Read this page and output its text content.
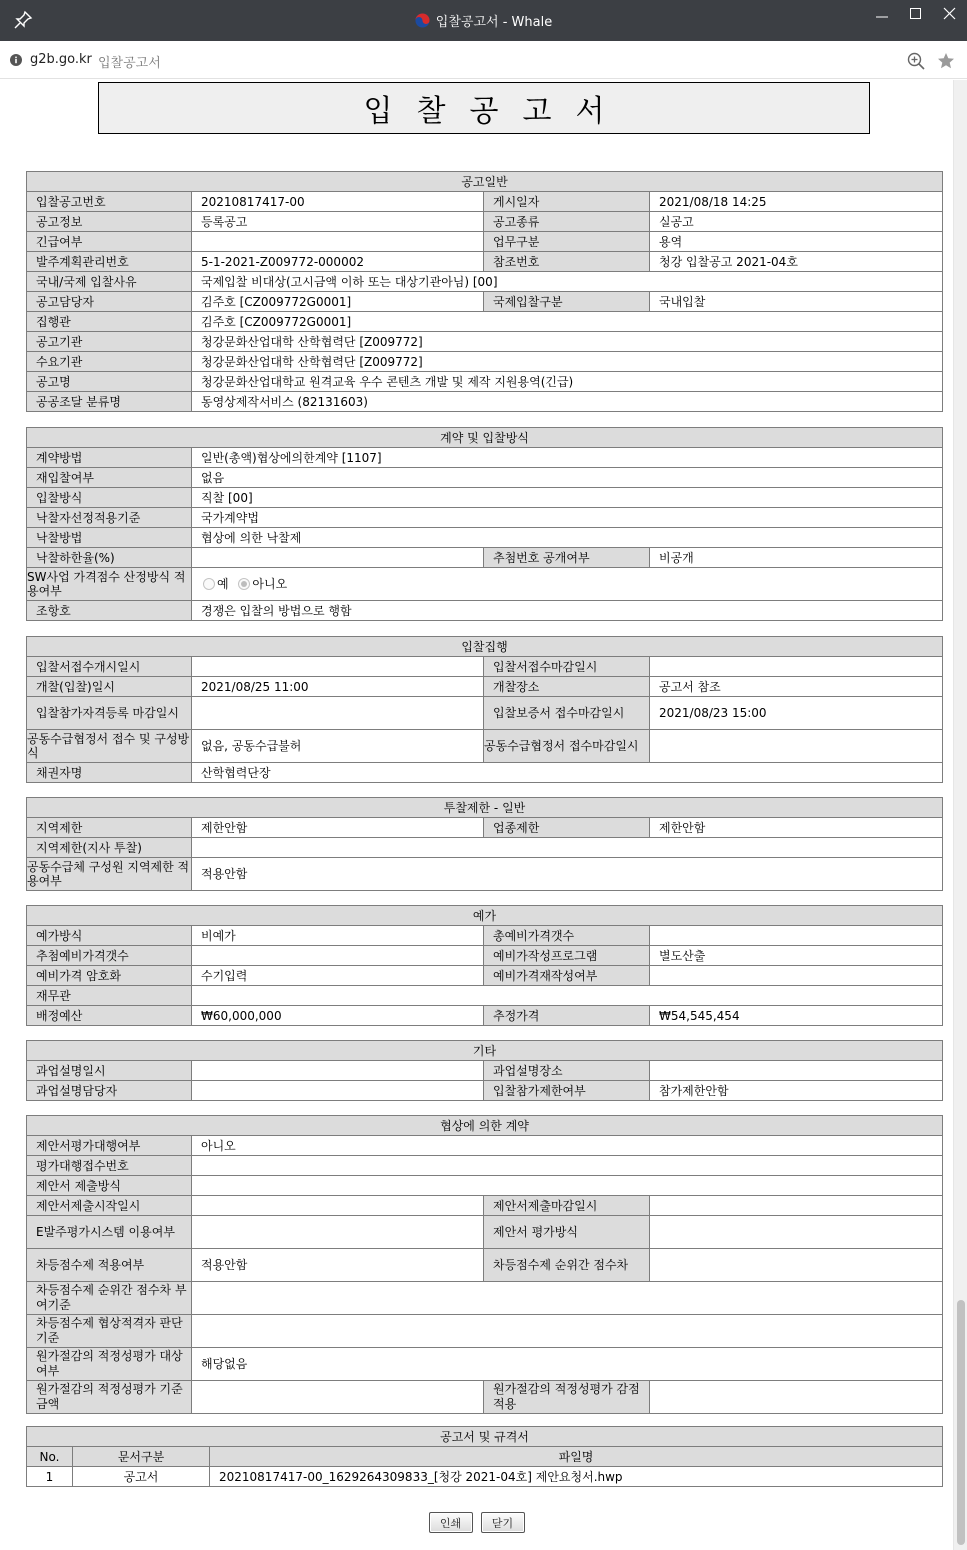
입찰공고서 - Whale
g2b.go.kr 입찰공고서
입찰공고서
공고일반			
입찰공고번호	20210817417-00	게시일자	2021/08/18 14:25
공고정보	등록공고	공고종류	실공고
긴급여부		업무구분	용역
발주계획관리번호	5-1-2021-Z009772-000002	참조번호	청강 입찰공고 2021-04호
국내/국제 입찰사유	국제입찰 비대상(고시금액 이하 또는 대상기관아님) [00]		
공고담당자	김주호 [CZ009772G0001]	국제입찰구분	국내입찰
집행관	김주호 [CZ009772G0001]		
공고기관	청강문화산업대학 산학협력단 [Z009772]		
수요기관	청강문화산업대학 산학협력단 [Z009772]		
공고명	청강문화산업대학교 원격교육 우수 콘텐츠 개발 및 제작 지원용역(긴급)		
공공조달 분류명	동영상제작서비스 (82131603)		
계약 및 입찰방식			
계약방법	일반(총액)협상에의한계약 [1107]		
재입찰여부	없음		
입찰방식	직찰 [00]		
낙찰자선정적용기준	국가계약법		
낙찰방법	협상에 의한 낙찰제		
낙찰하한율(%)		추첨번호 공개여부	비공개
SW사업 가격점수 산정방식 적용여부	예 아니오		
조항호	경쟁은 입찰의 방법으로 행함		
입찰집행			
입찰서접수개시일시		입찰서접수마감일시	
개찰(입찰)일시	2021/08/25 11:00	개찰장소	공고서 참조
입찰참가자격등록 마감일시		입찰보증서 접수마감일시	2021/08/23 15:00
공동수급협정서 접수 및 구성방식	없음, 공동수급불허	공동수급협정서 접수마감일시	
채권자명	산학협력단장		
투찰제한 - 일반			
지역제한	제한안함	업종제한	제한안함
지역제한(지사 투찰)			
공동수급체 구성원 지역제한 적용여부	적용안함		
예가			
예가방식	비예가	총예비가격갯수	
추첨예비가격갯수		예비가작성프로그램	별도산출
예비가격 암호화	수기입력	예비가격재작성여부	
재무관			
배정예산	₩60,000,000	추정가격	₩54,545,454
기타			
과업설명일시		과업설명장소	
과업설명담당자		입찰참가제한여부	참가제한안함
협상에 의한 계약			
제안서평가대행여부	아니오		
평가대행접수번호			
제안서 제출방식			
제안서제출시작일시		제안서제출마감일시	
E발주평가시스템 이용여부		제안서 평가방식	
차등점수제 적용여부	적용안함	차등점수제 순위간 점수차	
차등점수제 순위간 점수차 부여기준			
차등점수제 협상적격자 판단기준			
원가절감의 적정성평가 대상여부	해당없음		
원가절감의 적정성평가 기준금액		원가절감의 적정성평가 감점적용	
공고서 및 규격서		
No.	문서구분	파일명
1	공고서	20210817417-00_1629264309833_[청강 2021-04호] 제안요청서.hwp
인쇄	닫기
